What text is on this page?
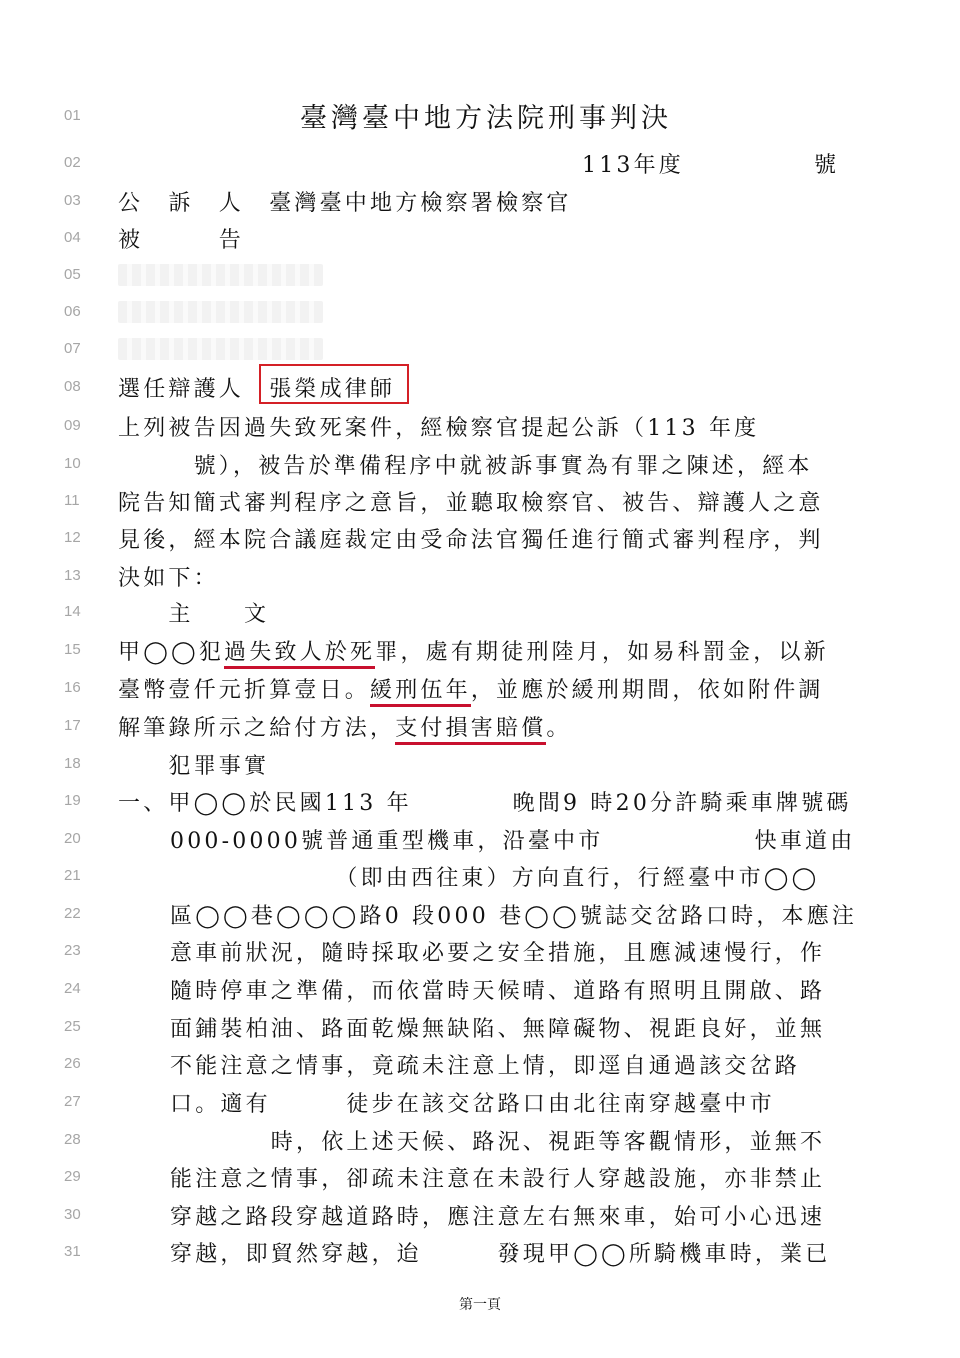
臺灣臺中地方法院刑事判決
01
02	113年度	號
03	公　訴　人　臺灣臺中地方檢察署檢察官
04	被　　　告
05
06
07
08	選任辯護人　張榮成律師
09	上列被告因過失致死案件，經檢察官提起公訴（113 年度
10	　　　號），被告於準備程序中就被訴事實為有罪之陳述，經本
11	院告知簡式審判程序之意旨，並聽取檢察官、被告、辯護人之意
12	見後，經本院合議庭裁定由受命法官獨任進行簡式審判程序，判
13	決如下：
14	　　主　　文
15	甲◯◯犯過失致人於死罪，處有期徒刑陸月，如易科罰金，以新
16	臺幣壹仟元折算壹日。緩刑伍年，並應於緩刑期間，依如附件調
17	解筆錄所示之給付方法，支付損害賠償。
18	　　犯罪事實
19	一、甲◯◯於民國113 年　　　　晚間9 時20分許騎乘車牌號碼
20	000-0000號普通重型機車，沿臺中市　　　　　　快車道由
21	　　　　　　　（即由西往東）方向直行，行經臺中市◯◯
22	區◯◯巷◯◯◯路0 段000 巷◯◯號誌交岔路口時，本應注
23	意車前狀況，隨時採取必要之安全措施，且應減速慢行，作
24	隨時停車之準備，而依當時天候晴、道路有照明且開啟、路
25	面鋪裝柏油、路面乾燥無缺陷、無障礙物、視距良好，並無
26	不能注意之情事，竟疏未注意上情，即逕自通過該交岔路
27	口。適有　　　徒步在該交岔路口由北往南穿越臺中市
28	　　　　時，依上述天候、路況、視距等客觀情形，並無不
29	能注意之情事，卻疏未注意在未設行人穿越設施，亦非禁止
30	穿越之路段穿越道路時，應注意左右無來車，始可小心迅速
31	穿越，即貿然穿越，迨　　　發現甲◯◯所騎機車時，業已
第一頁
